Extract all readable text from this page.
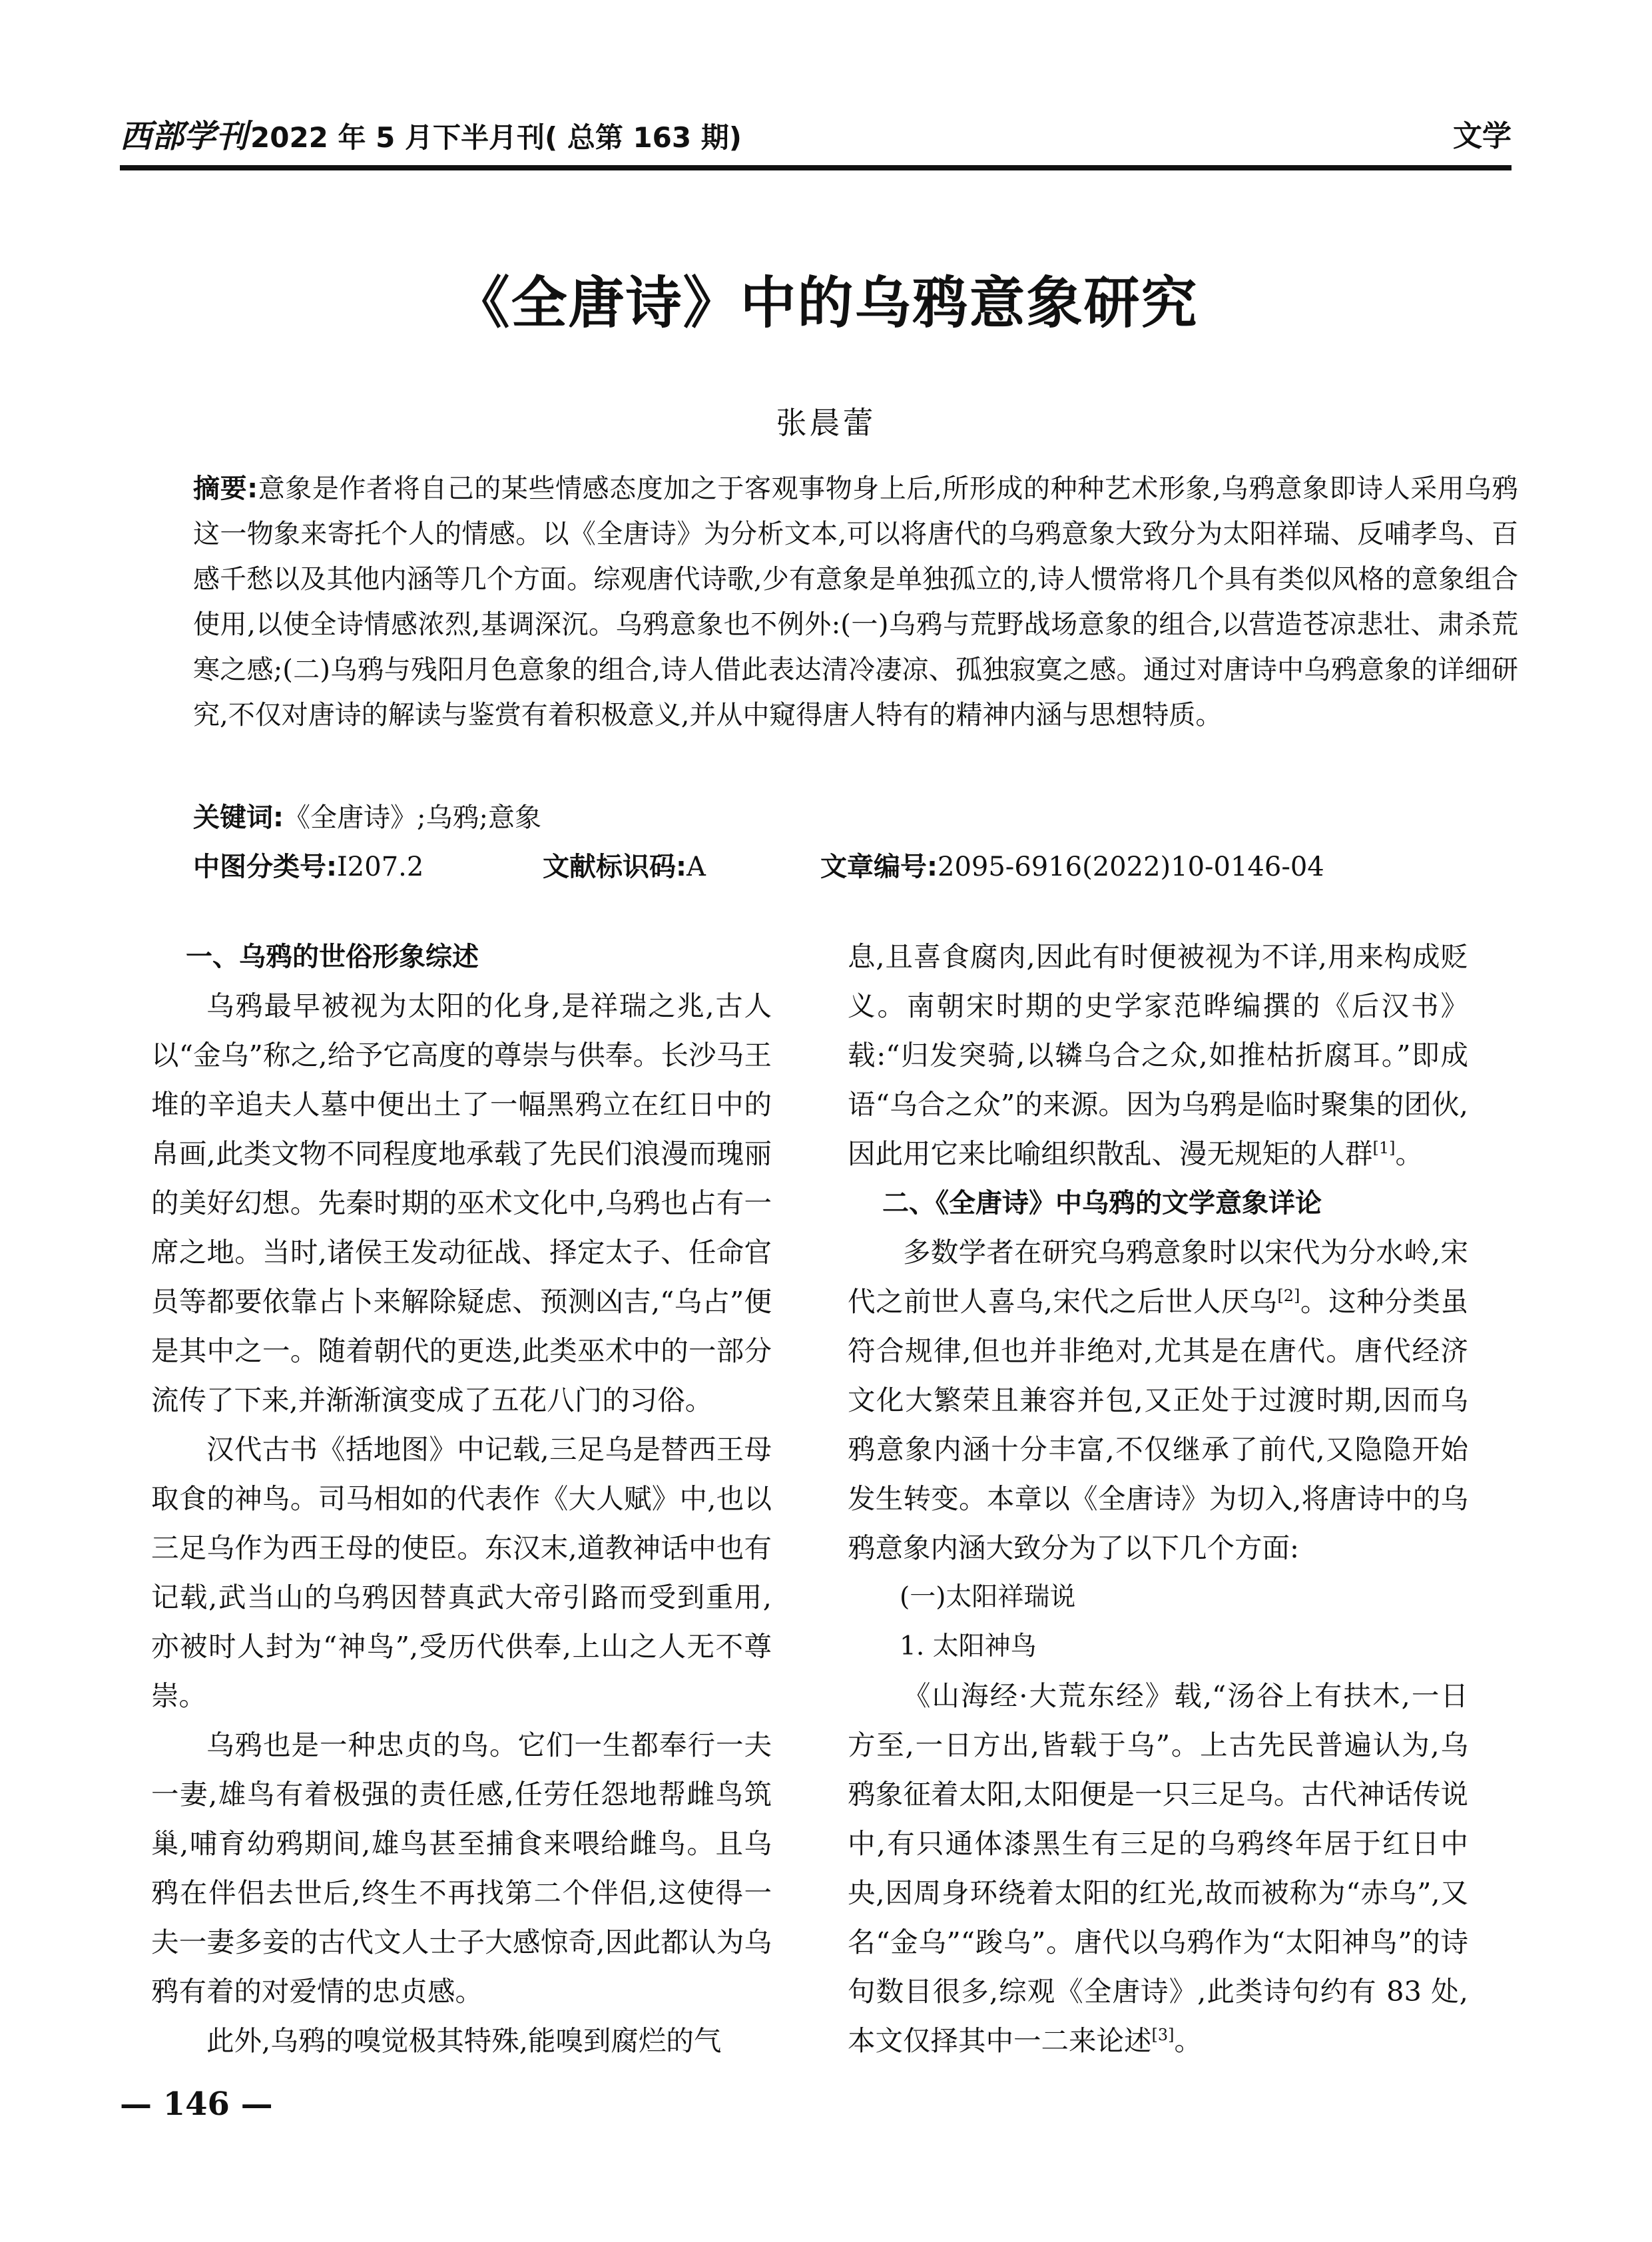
西部学刊2022 年 5 月下半月刊( 总第 163 期)	文学
《全唐诗》中的乌鸦意象研究
张晨蕾
摘要:意象是作者将自己的某些情感态度加之于客观事物身上后,所形成的种种艺术形象,乌鸦意象即诗人采用乌鸦这一物象来寄托个人的情感。以《全唐诗》为分析文本,可以将唐代的乌鸦意象大致分为太阳祥瑞、反哺孝鸟、百感千愁以及其他内涵等几个方面。综观唐代诗歌,少有意象是单独孤立的,诗人惯常将几个具有类似风格的意象组合使用,以使全诗情感浓烈,基调深沉。乌鸦意象也不例外:(一)乌鸦与荒野战场意象的组合,以营造苍凉悲壮、肃杀荒寒之感;(二)乌鸦与残阳月色意象的组合,诗人借此表达清冷凄凉、孤独寂寞之感。通过对唐诗中乌鸦意象的详细研究,不仅对唐诗的解读与鉴赏有着积极意义,并从中窥得唐人特有的精神内涵与思想特质。
关键词:《全唐诗》;乌鸦;意象
中图分类号:I207.2	文献标识码:A	文章编号:2095-6916(2022)10-0146-04

一、乌鸦的世俗形象综述

乌鸦最早被视为太阳的化身,是祥瑞之兆,古人以“金乌”称之,给予它高度的尊崇与供奉。长沙马王堆的辛追夫人墓中便出土了一幅黑鸦立在红日中的帛画,此类文物不同程度地承载了先民们浪漫而瑰丽的美好幻想。先秦时期的巫术文化中,乌鸦也占有一席之地。当时,诸侯王发动征战、择定太子、任命官员等都要依靠占卜来解除疑虑、预测凶吉,“乌占”便是其中之一。随着朝代的更迭,此类巫术中的一部分流传了下来,并渐渐演变成了五花八门的习俗。

汉代古书《括地图》中记载,三足乌是替西王母取食的神鸟。司马相如的代表作《大人赋》中,也以三足乌作为西王母的使臣。东汉末,道教神话中也有记载,武当山的乌鸦因替真武大帝引路而受到重用,亦被时人封为“神鸟”,受历代供奉,上山之人无不尊崇。

乌鸦也是一种忠贞的鸟。它们一生都奉行一夫一妻,雄鸟有着极强的责任感,任劳任怨地帮雌鸟筑巢,哺育幼鸦期间,雄鸟甚至捕食来喂给雌鸟。且乌鸦在伴侣去世后,终生不再找第二个伴侣,这使得一夫一妻多妾的古代文人士子大感惊奇,因此都认为乌鸦有着的对爱情的忠贞感。

此外,乌鸦的嗅觉极其特殊,能嗅到腐烂的气

息,且喜食腐肉,因此有时便被视为不详,用来构成贬义。南朝宋时期的史学家范晔编撰的《后汉书》载:“归发突骑,以辚乌合之众,如推枯折腐耳。”即成语“乌合之众”的来源。因为乌鸦是临时聚集的团伙,因此用它来比喻组织散乱、漫无规矩的人群[1]。

二、《全唐诗》中乌鸦的文学意象详论

多数学者在研究乌鸦意象时以宋代为分水岭,宋代之前世人喜乌,宋代之后世人厌乌[2]。这种分类虽符合规律,但也并非绝对,尤其是在唐代。唐代经济文化大繁荣且兼容并包,又正处于过渡时期,因而乌鸦意象内涵十分丰富,不仅继承了前代,又隐隐开始发生转变。本章以《全唐诗》为切入,将唐诗中的乌鸦意象内涵大致分为了以下几个方面:

(一)太阳祥瑞说

1. 太阳神鸟

《山海经·大荒东经》载,“汤谷上有扶木,一日方至,一日方出,皆载于乌”。上古先民普遍认为,乌鸦象征着太阳,太阳便是一只三足乌。古代神话传说中,有只通体漆黑生有三足的乌鸦终年居于红日中央,因周身环绕着太阳的红光,故而被称为“赤乌”,又名“金乌”“踆乌”。唐代以乌鸦作为“太阳神鸟”的诗句数目很多,综观《全唐诗》,此类诗句约有 83 处,本文仅择其中一二来论述[3]。

— 146 —
